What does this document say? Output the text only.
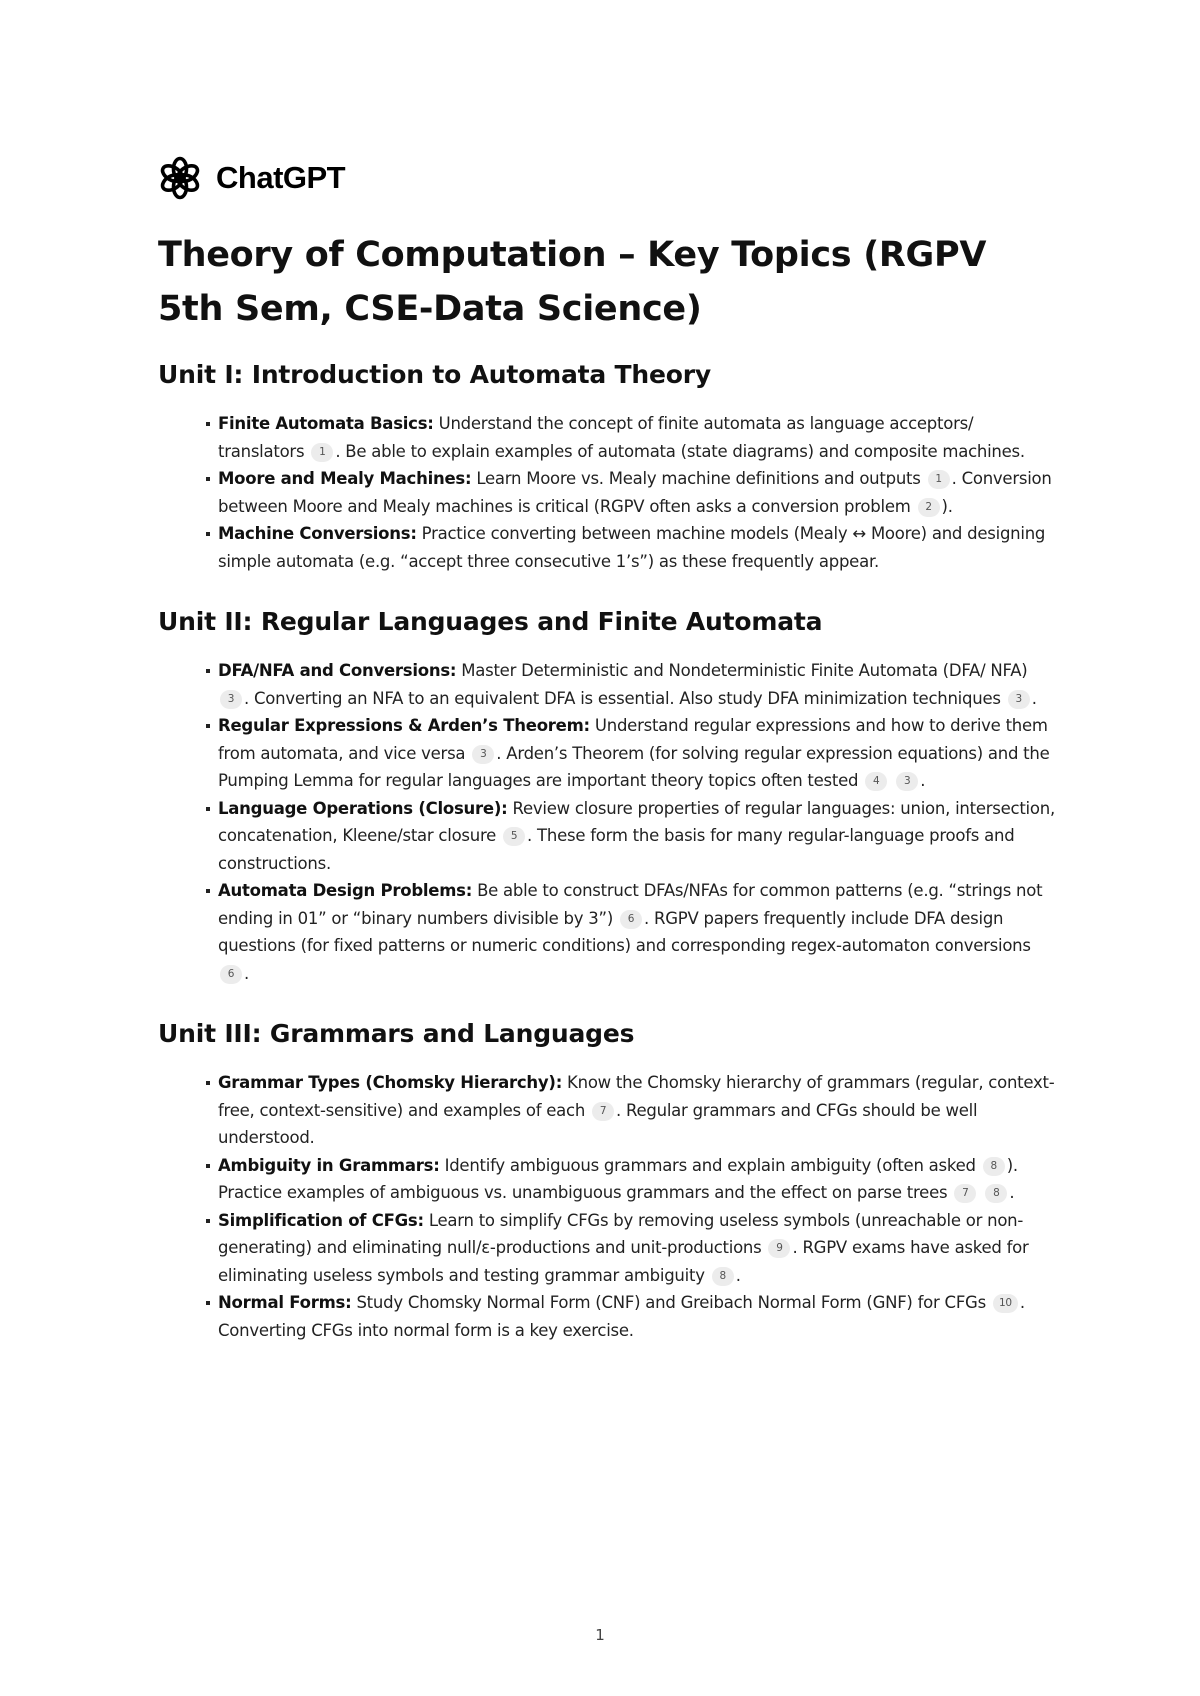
ChatGPT
Theory of Computation – Key Topics (RGPV 5th Sem, CSE-Data Science)
Unit I: Introduction to Automata Theory
Finite Automata Basics: Understand the concept of finite automata as language acceptors/ translators 1 . Be able to explain examples of automata (state diagrams) and composite machines.
Moore and Mealy Machines: Learn Moore vs. Mealy machine definitions and outputs 1 . Conversion between Moore and Mealy machines is critical (RGPV often asks a conversion problem 2 ).
Machine Conversions: Practice converting between machine models (Mealy ↔ Moore) and designing simple automata (e.g. “accept three consecutive 1’s”) as these frequently appear.
Unit II: Regular Languages and Finite Automata
DFA/NFA and Conversions: Master Deterministic and Nondeterministic Finite Automata (DFA/ NFA) 3 . Converting an NFA to an equivalent DFA is essential. Also study DFA minimization techniques 3 .
Regular Expressions & Arden’s Theorem: Understand regular expressions and how to derive them from automata, and vice versa 3 . Arden’s Theorem (for solving regular expression equations) and the Pumping Lemma for regular languages are important theory topics often tested 4 3 .
Language Operations (Closure): Review closure properties of regular languages: union, intersection, concatenation, Kleene/star closure 5 . These form the basis for many regular-language proofs and constructions.
Automata Design Problems: Be able to construct DFAs/NFAs for common patterns (e.g. “strings not ending in 01” or “binary numbers divisible by 3”) 6 . RGPV papers frequently include DFA design questions (for fixed patterns or numeric conditions) and corresponding regex-automaton conversions 6 .
Unit III: Grammars and Languages
Grammar Types (Chomsky Hierarchy): Know the Chomsky hierarchy of grammars (regular, context-free, context-sensitive) and examples of each 7 . Regular grammars and CFGs should be well understood.
Ambiguity in Grammars: Identify ambiguous grammars and explain ambiguity (often asked 8 ). Practice examples of ambiguous vs. unambiguous grammars and the effect on parse trees 7 8 .
Simplification of CFGs: Learn to simplify CFGs by removing useless symbols (unreachable or non-generating) and eliminating null/ε-productions and unit-productions 9 . RGPV exams have asked for eliminating useless symbols and testing grammar ambiguity 8 .
Normal Forms: Study Chomsky Normal Form (CNF) and Greibach Normal Form (GNF) for CFGs 10 . Converting CFGs into normal form is a key exercise.
1
